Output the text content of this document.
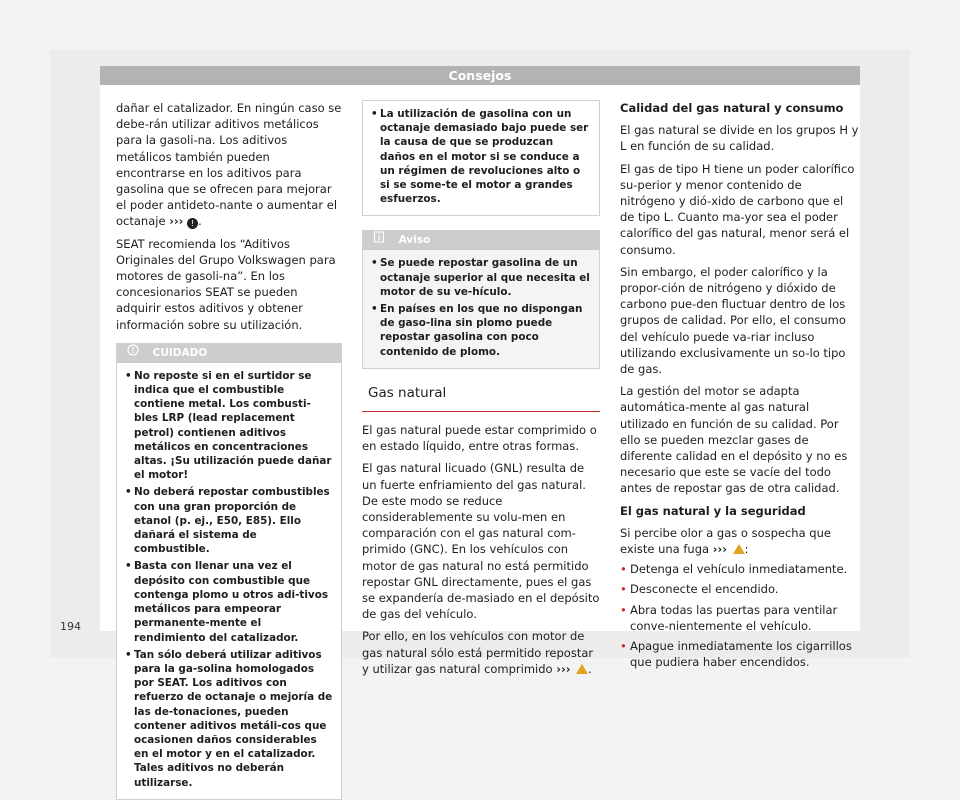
Consejos

dañar el catalizador. En ningún caso se debe-rán utilizar aditivos metálicos para la gasoli-na. Los aditivos metálicos también pueden encontrarse en los aditivos para gasolina que se ofrecen para mejorar el poder antideto-nante o aumentar el octanaje ››› ! .

SEAT recomienda los “Aditivos Originales del Grupo Volkswagen para motores de gasoli-na”. En los concesionarios SEAT se pueden adquirir estos aditivos y obtener información sobre su utilización.

CUIDADO
• No reposte si en el surtidor se indica que el combustible contiene metal. Los combusti-bles LRP (lead replacement petrol) contienen aditivos metálicos en concentraciones altas. ¡Su utilización puede dañar el motor!
• No deberá repostar combustibles con una gran proporción de etanol (p. ej., E50, E85). Ello dañará el sistema de combustible.
• Basta con llenar una vez el depósito con combustible que contenga plomo u otros adi-tivos metálicos para empeorar permanente-mente el rendimiento del catalizador.
• Tan sólo deberá utilizar aditivos para la ga-solina homologados por SEAT. Los aditivos con refuerzo de octanaje o mejoría de las de-tonaciones, pueden contener aditivos metáli-cos que ocasionen daños considerables en el motor y en el catalizador. Tales aditivos no deberán utilizarse.
• La utilización de gasolina con un octanaje demasiado bajo puede ser la causa de que se produzcan daños en el motor si se conduce a un régimen de revoluciones alto o si se some-te el motor a grandes esfuerzos.
Aviso
• Se puede repostar gasolina de un octanaje superior al que necesita el motor de su ve-hículo.
• En países en los que no dispongan de gaso-lina sin plomo puede repostar gasolina con poco contenido de plomo.
Gas natural

El gas natural puede estar comprimido o en estado líquido, entre otras formas.

El gas natural licuado (GNL) resulta de un fuerte enfriamiento del gas natural. De este modo se reduce considerablemente su volu-men en comparación con el gas natural com-primido (GNC). En los vehículos con motor de gas natural no está permitido repostar GNL directamente, pues el gas se expandería de-masiado en el depósito de gas del vehículo.

Por ello, en los vehículos con motor de gas natural sólo está permitido repostar y utilizar gas natural comprimido ››› .

Calidad del gas natural y consumo

El gas natural se divide en los grupos H y L en función de su calidad.

El gas de tipo H tiene un poder calorífico su-perior y menor contenido de nitrógeno y dió-xido de carbono que el de tipo L. Cuanto ma-yor sea el poder calorífico del gas natural, menor será el consumo.

Sin embargo, el poder calorífico y la propor-ción de nitrógeno y dióxido de carbono pue-den fluctuar dentro de los grupos de calidad. Por ello, el consumo del vehículo puede va-riar incluso utilizando exclusivamente un so-lo tipo de gas.

La gestión del motor se adapta automática-mente al gas natural utilizado en función de su calidad. Por ello se pueden mezclar gases de diferente calidad en el depósito y no es necesario que este se vacíe del todo antes de repostar gas de otra calidad.

El gas natural y la seguridad

Si percibe olor a gas o sospecha que existe una fuga ››› :

• Detenga el vehículo inmediatamente.
• Desconecte el encendido.
• Abra todas las puertas para ventilar conve-nientemente el vehículo.
• Apague inmediatamente los cigarrillos que pudiera haber encendidos.
194
